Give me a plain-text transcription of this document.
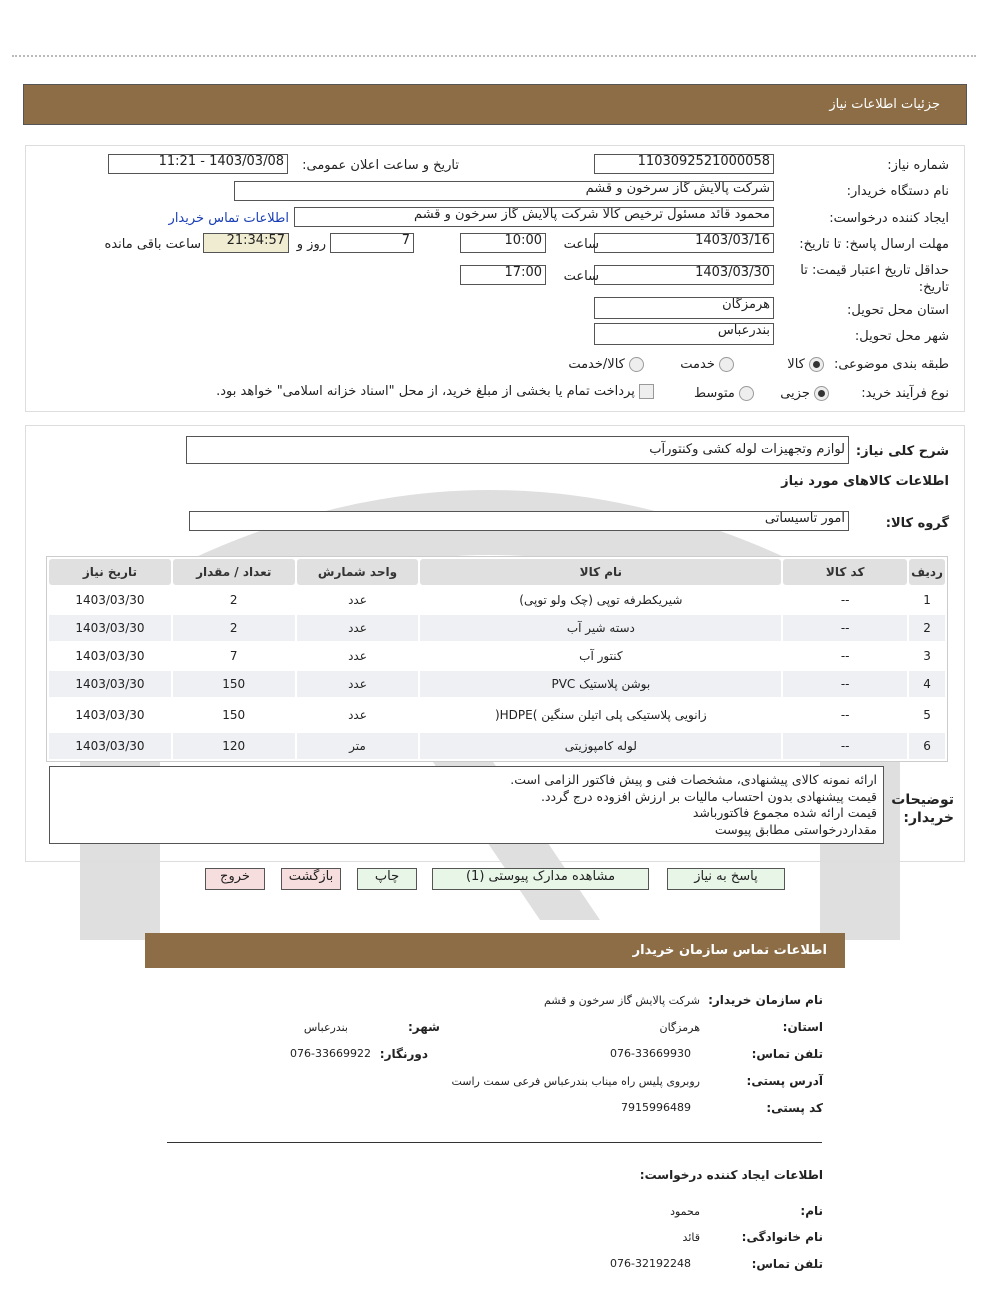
جزئیات اطلاعات نیاز
شماره نیاز:
1103092521000058
تاریخ و ساعت اعلان عمومی:
1403/03/08 - 11:21
نام دستگاه خریدار:
شرکت پالایش گاز سرخون و قشم
ایجاد کننده درخواست:
محمود قائد مسئول ترخیص کالا شرکت پالایش گاز سرخون و قشم
اطلاعات تماس خریدار
مهلت ارسال پاسخ: تا تاریخ:
1403/03/16
ساعت
10:00
7
روز و
21:34:57
ساعت باقی مانده
حداقل تاریخ اعتبار قیمت: تا تاریخ:
1403/03/30
ساعت
17:00
استان محل تحویل:
هرمزگان
شهر محل تحویل:
بندرعباس
طبقه بندی موضوعی:
کالا
خدمت
کالا/خدمت
نوع فرآیند خرید:
جزیی
متوسط
پرداخت تمام یا بخشی از مبلغ خرید، از محل "اسناد خزانه اسلامی" خواهد بود.
شرح کلی نیاز:
لوازم وتجهیزات لوله کشی وکنتورآب
اطلاعات کالاهای مورد نیاز
گروه کالا:
امور تاسیساتی
ردیف	کد کالا	نام کالا	واحد شمارش	تعداد / مقدار	تاریخ نیاز
1	--	شیریکطرفه توپی (چک ولو توپی)	عدد	2	1403/03/30
2	--	دسته شیر آب	عدد	2	1403/03/30
3	--	کنتور آب	عدد	7	1403/03/30
4	--	بوشن پلاستیک PVC	عدد	150	1403/03/30
5	--	زانویی پلاستیکی پلی اتیلن سنگین )HDPE(	عدد	150	1403/03/30
6	--	لوله کامپوزیتی	متر	120	1403/03/30
توضیحات خریدار:
ارائه نمونه کالای پیشنهادی، مشخصات فنی و پیش فاکتور الزامی است.
قیمت پیشنهادی بدون احتساب مالیات بر ارزش افزوده درج گردد.
قیمت ارائه شده مجموع فاکتورباشد
مقداردرخواستی مطابق پیوست
پاسخ به نیاز
مشاهده مدارک پیوستی (1)
چاپ
بازگشت
خروج
اطلاعات تماس سازمان خریدار
نام سازمان خریدار:
شرکت پالایش گاز سرخون و قشم
استان:
هرمزگان
شهر:
بندرعباس
تلفن تماس:
076-33669930
دورنگار:
076-33669922
آدرس پستی:
روبروی پلیس راه میناب بندرعباس فرعی سمت راست
کد پستی:
7915996489
اطلاعات ایجاد کننده درخواست:
نام:
محمود
نام خانوادگی:
قائد
تلفن تماس:
076-32192248
